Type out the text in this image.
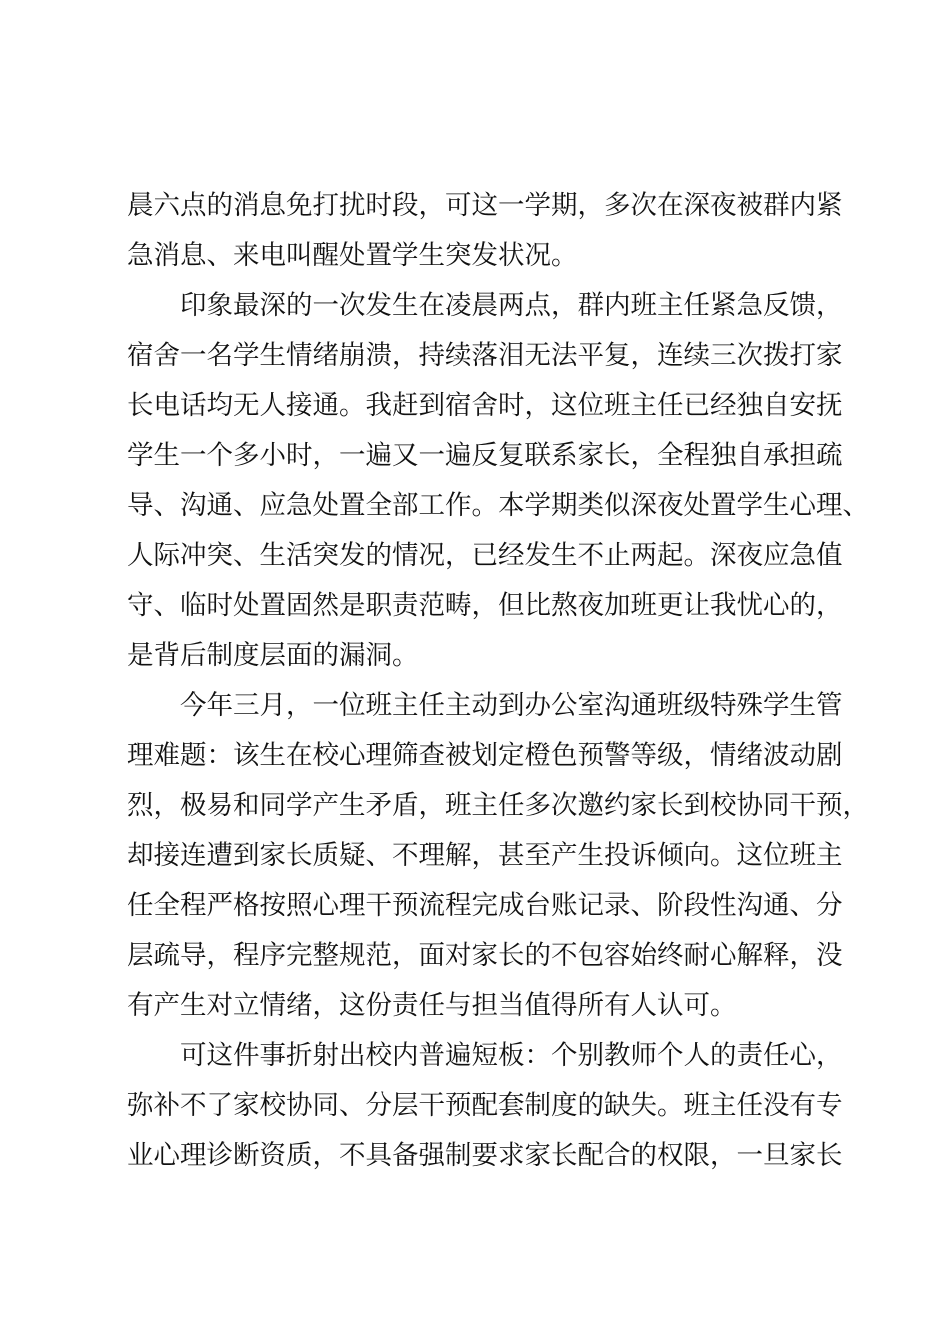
晨六点的消息免打扰时段，可这一学期，多次在深夜被群内紧
急消息、来电叫醒处置学生突发状况。
　　印象最深的一次发生在凌晨两点，群内班主任紧急反馈，
宿舍一名学生情绪崩溃，持续落泪无法平复，连续三次拨打家
长电话均无人接通。我赶到宿舍时，这位班主任已经独自安抚
学生一个多小时，一遍又一遍反复联系家长，全程独自承担疏
导、沟通、应急处置全部工作。本学期类似深夜处置学生心理、
人际冲突、生活突发的情况，已经发生不止两起。深夜应急值
守、临时处置固然是职责范畴，但比熬夜加班更让我忧心的，
是背后制度层面的漏洞。
　　今年三月，一位班主任主动到办公室沟通班级特殊学生管
理难题：该生在校心理筛查被划定橙色预警等级，情绪波动剧
烈，极易和同学产生矛盾，班主任多次邀约家长到校协同干预，
却接连遭到家长质疑、不理解，甚至产生投诉倾向。这位班主
任全程严格按照心理干预流程完成台账记录、阶段性沟通、分
层疏导，程序完整规范，面对家长的不包容始终耐心解释，没
有产生对立情绪，这份责任与担当值得所有人认可。
　　可这件事折射出校内普遍短板：个别教师个人的责任心，
弥补不了家校协同、分层干预配套制度的缺失。班主任没有专
业心理诊断资质，不具备强制要求家长配合的权限，一旦家长
